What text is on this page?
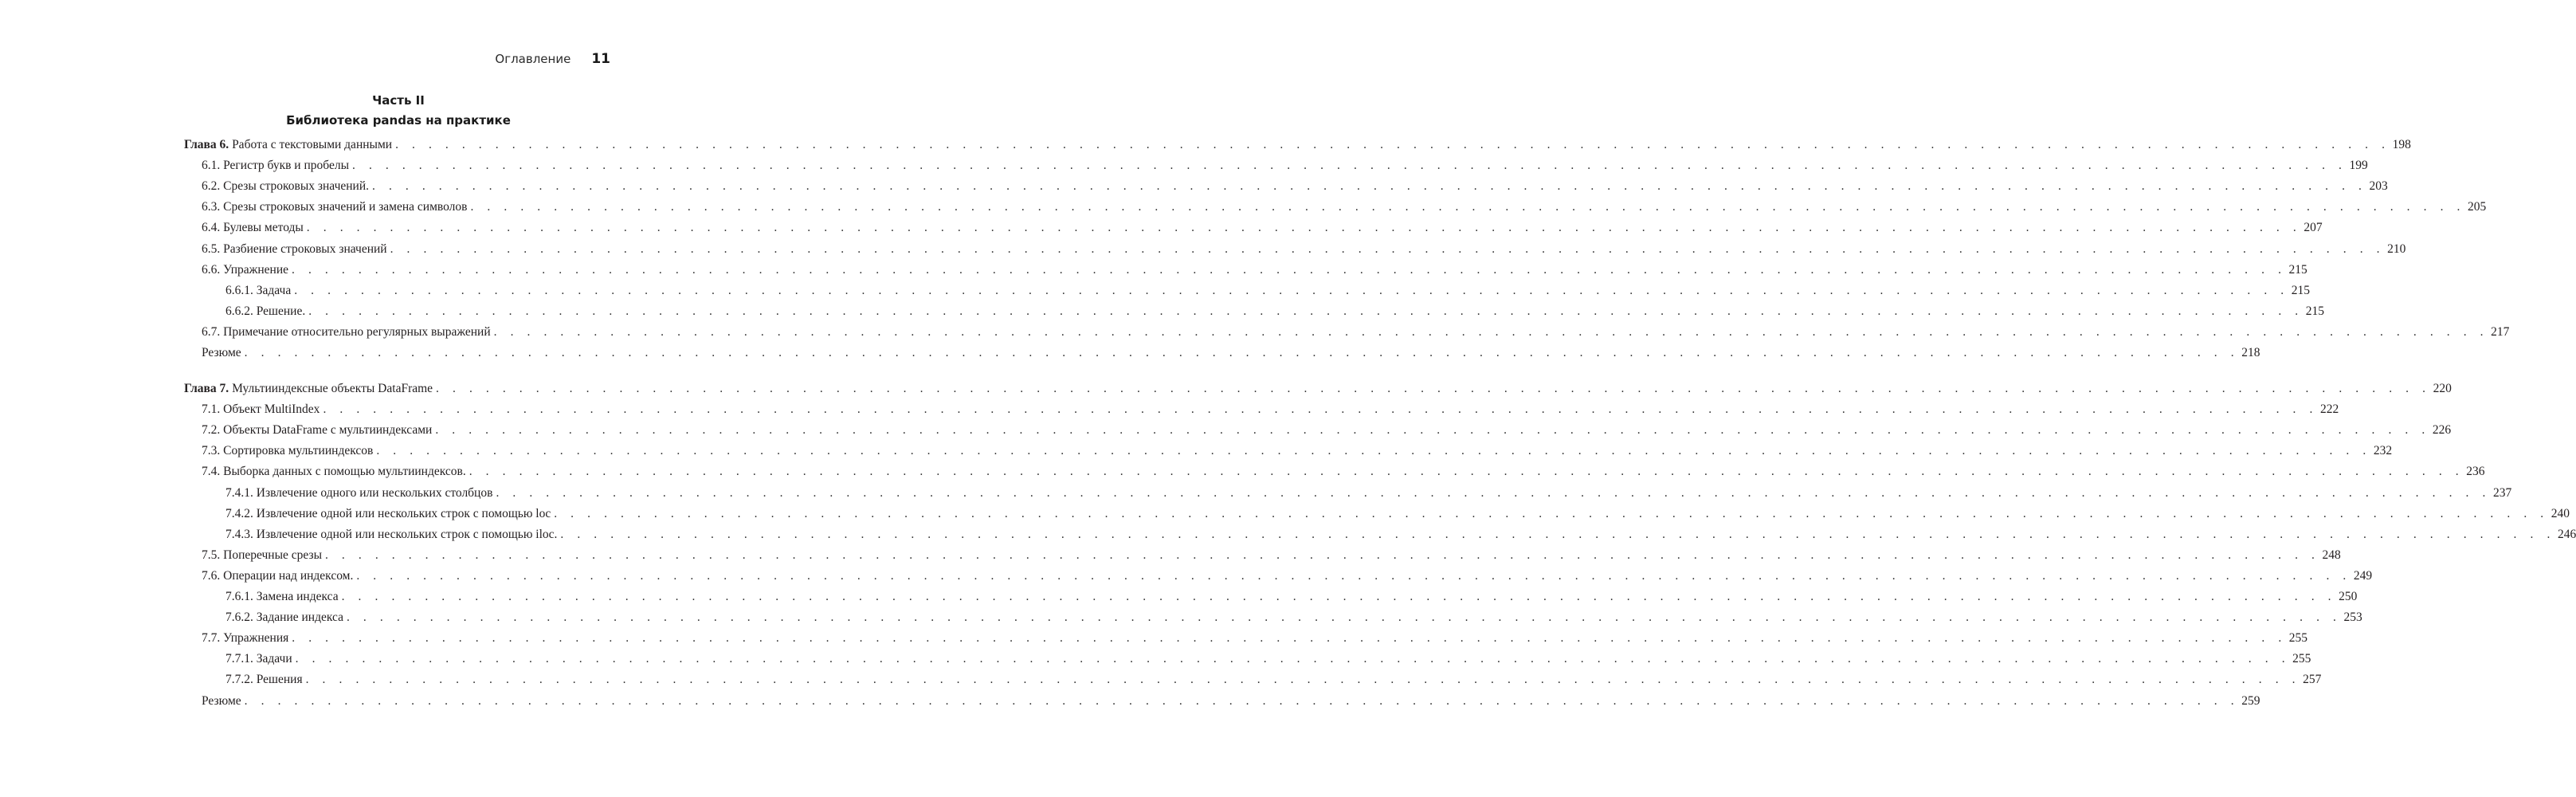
Оглавление 11
Часть II
Библиотека pandas на практике
Глава 6. Работа с текстовыми данными . . . . . . . . . . . . . . . . . . . . . . . . . . . . . . . . . . . . . . . . . . . . . . . . . . . . . . . . . . . . . . . . . . . . . . . . . . . . . . . . . . . . . . . . . . . . . . . . . . . . . . . . . . . . . . . . . . . . . . . . 198
6.1. Регистр букв и пробелы . . . . . . . . . . . . . . . . . . . . . . . . . . . . . . . . . . . . . . . . . . . . . . . . . . . . . . . . . . . . . . . . . . . . . . . . . . . . . . . . . . . . . . . . . . . . . . . . . . . . . . . . . . . . . . . . . . . . . . . . 199
6.2. Срезы строковых значений. . . . . . . . . . . . . . . . . . . . . . . . . . . . . . . . . . . . . . . . . . . . . . . . . . . . . . . . . . . . . . . . . . . . . . . . . . . . . . . . . . . . . . . . . . . . . . . . . . . . . . . . . . . . . . . . . . . . . . . . . 203
6.3. Срезы строковых значений и замена символов . . . . . . . . . . . . . . . . . . . . . . . . . . . . . . . . . . . . . . . . . . . . . . . . . . . . . . . . . . . . . . . . . . . . . . . . . . . . . . . . . . . . . . . . . . . . . . . . . . . . . . . . . . . . . . . . . . . . . . . . 205
6.4. Булевы методы . . . . . . . . . . . . . . . . . . . . . . . . . . . . . . . . . . . . . . . . . . . . . . . . . . . . . . . . . . . . . . . . . . . . . . . . . . . . . . . . . . . . . . . . . . . . . . . . . . . . . . . . . . . . . . . . . . . . . . . . 207
6.5. Разбиение строковых значений . . . . . . . . . . . . . . . . . . . . . . . . . . . . . . . . . . . . . . . . . . . . . . . . . . . . . . . . . . . . . . . . . . . . . . . . . . . . . . . . . . . . . . . . . . . . . . . . . . . . . . . . . . . . . . . . . . . . . . . . 210
6.6. Упражнение . . . . . . . . . . . . . . . . . . . . . . . . . . . . . . . . . . . . . . . . . . . . . . . . . . . . . . . . . . . . . . . . . . . . . . . . . . . . . . . . . . . . . . . . . . . . . . . . . . . . . . . . . . . . . . . . . . . . . . . . 215
6.6.1. Задача . . . . . . . . . . . . . . . . . . . . . . . . . . . . . . . . . . . . . . . . . . . . . . . . . . . . . . . . . . . . . . . . . . . . . . . . . . . . . . . . . . . . . . . . . . . . . . . . . . . . . . . . . . . . . . . . . . . . . . . . 215
6.6.2. Решение. . . . . . . . . . . . . . . . . . . . . . . . . . . . . . . . . . . . . . . . . . . . . . . . . . . . . . . . . . . . . . . . . . . . . . . . . . . . . . . . . . . . . . . . . . . . . . . . . . . . . . . . . . . . . . . . . . . . . . . . . 215
6.7. Примечание относительно регулярных выражений . . . . . . . . . . . . . . . . . . . . . . . . . . . . . . . . . . . . . . . . . . . . . . . . . . . . . . . . . . . . . . . . . . . . . . . . . . . . . . . . . . . . . . . . . . . . . . . . . . . . . . . . . . . . . . . . . . . . . . . . 217
Резюме . . . . . . . . . . . . . . . . . . . . . . . . . . . . . . . . . . . . . . . . . . . . . . . . . . . . . . . . . . . . . . . . . . . . . . . . . . . . . . . . . . . . . . . . . . . . . . . . . . . . . . . . . . . . . . . . . . . . . . . . 218
Глава 7. Мультииндексные объекты DataFrame . . . . . . . . . . . . . . . . . . . . . . . . . . . . . . . . . . . . . . . . . . . . . . . . . . . . . . . . . . . . . . . . . . . . . . . . . . . . . . . . . . . . . . . . . . . . . . . . . . . . . . . . . . . . . . . . . . . . . . . . 220
7.1. Объект MultiIndex . . . . . . . . . . . . . . . . . . . . . . . . . . . . . . . . . . . . . . . . . . . . . . . . . . . . . . . . . . . . . . . . . . . . . . . . . . . . . . . . . . . . . . . . . . . . . . . . . . . . . . . . . . . . . . . . . . . . . . . . 222
7.2. Объекты DataFrame с мультииндексами . . . . . . . . . . . . . . . . . . . . . . . . . . . . . . . . . . . . . . . . . . . . . . . . . . . . . . . . . . . . . . . . . . . . . . . . . . . . . . . . . . . . . . . . . . . . . . . . . . . . . . . . . . . . . . . . . . . . . . . . 226
7.3. Сортировка мультииндексов . . . . . . . . . . . . . . . . . . . . . . . . . . . . . . . . . . . . . . . . . . . . . . . . . . . . . . . . . . . . . . . . . . . . . . . . . . . . . . . . . . . . . . . . . . . . . . . . . . . . . . . . . . . . . . . . . . . . . . . . 232
7.4. Выборка данных с помощью мультииндексов. . . . . . . . . . . . . . . . . . . . . . . . . . . . . . . . . . . . . . . . . . . . . . . . . . . . . . . . . . . . . . . . . . . . . . . . . . . . . . . . . . . . . . . . . . . . . . . . . . . . . . . . . . . . . . . . . . . . . . . . . 236
7.4.1. Извлечение одного или нескольких столбцов . . . . . . . . . . . . . . . . . . . . . . . . . . . . . . . . . . . . . . . . . . . . . . . . . . . . . . . . . . . . . . . . . . . . . . . . . . . . . . . . . . . . . . . . . . . . . . . . . . . . . . . . . . . . . . . . . . . . . . . . 237
7.4.2. Извлечение одной или нескольких строк с помощью loc . . . . . . . . . . . . . . . . . . . . . . . . . . . . . . . . . . . . . . . . . . . . . . . . . . . . . . . . . . . . . . . . . . . . . . . . . . . . . . . . . . . . . . . . . . . . . . . . . . . . . . . . . . . . . . . . . . . . . . . . 240
7.4.3. Извлечение одной или нескольких строк с помощью iloc. . . . . . . . . . . . . . . . . . . . . . . . . . . . . . . . . . . . . . . . . . . . . . . . . . . . . . . . . . . . . . . . . . . . . . . . . . . . . . . . . . . . . . . . . . . . . . . . . . . . . . . . . . . . . . . . . . . . . . . . . 246
7.5. Поперечные срезы . . . . . . . . . . . . . . . . . . . . . . . . . . . . . . . . . . . . . . . . . . . . . . . . . . . . . . . . . . . . . . . . . . . . . . . . . . . . . . . . . . . . . . . . . . . . . . . . . . . . . . . . . . . . . . . . . . . . . . . . 248
7.6. Операции над индексом. . . . . . . . . . . . . . . . . . . . . . . . . . . . . . . . . . . . . . . . . . . . . . . . . . . . . . . . . . . . . . . . . . . . . . . . . . . . . . . . . . . . . . . . . . . . . . . . . . . . . . . . . . . . . . . . . . . . . . . . . 249
7.6.1. Замена индекса . . . . . . . . . . . . . . . . . . . . . . . . . . . . . . . . . . . . . . . . . . . . . . . . . . . . . . . . . . . . . . . . . . . . . . . . . . . . . . . . . . . . . . . . . . . . . . . . . . . . . . . . . . . . . . . . . . . . . . . . 250
7.6.2. Задание индекса . . . . . . . . . . . . . . . . . . . . . . . . . . . . . . . . . . . . . . . . . . . . . . . . . . . . . . . . . . . . . . . . . . . . . . . . . . . . . . . . . . . . . . . . . . . . . . . . . . . . . . . . . . . . . . . . . . . . . . . . 253
7.7. Упражнения . . . . . . . . . . . . . . . . . . . . . . . . . . . . . . . . . . . . . . . . . . . . . . . . . . . . . . . . . . . . . . . . . . . . . . . . . . . . . . . . . . . . . . . . . . . . . . . . . . . . . . . . . . . . . . . . . . . . . . . . 255
7.7.1. Задачи . . . . . . . . . . . . . . . . . . . . . . . . . . . . . . . . . . . . . . . . . . . . . . . . . . . . . . . . . . . . . . . . . . . . . . . . . . . . . . . . . . . . . . . . . . . . . . . . . . . . . . . . . . . . . . . . . . . . . . . . 255
7.7.2. Решения . . . . . . . . . . . . . . . . . . . . . . . . . . . . . . . . . . . . . . . . . . . . . . . . . . . . . . . . . . . . . . . . . . . . . . . . . . . . . . . . . . . . . . . . . . . . . . . . . . . . . . . . . . . . . . . . . . . . . . . . 257
Резюме . . . . . . . . . . . . . . . . . . . . . . . . . . . . . . . . . . . . . . . . . . . . . . . . . . . . . . . . . . . . . . . . . . . . . . . . . . . . . . . . . . . . . . . . . . . . . . . . . . . . . . . . . . . . . . . . . . . . . . . . 259
